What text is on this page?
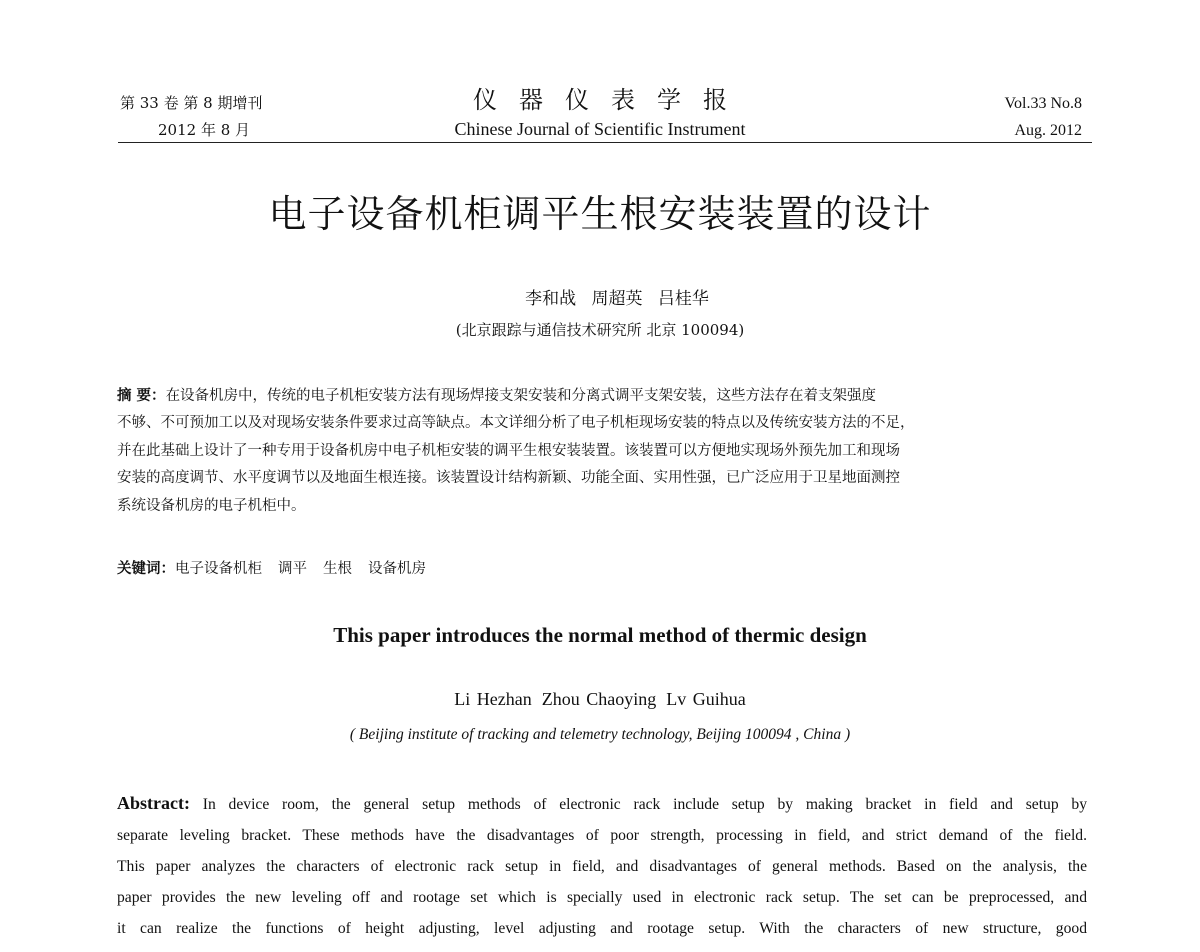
第 33 卷 第 8 期增刊
2012 年 8 月
仪器仪表学报
Chinese Journal of Scientific Instrument
Vol.33 No.8
Aug. 2012
电子设备机柜调平生根安装装置的设计
李和战 周超英 吕桂华
(北京跟踪与通信技术研究所 北京 100094)
摘 要：在设备机房中，传统的电子机柜安装方法有现场焊接支架安装和分离式调平支架安装，这些方法存在着支架强度
不够、不可预加工以及对现场安装条件要求过高等缺点。本文详细分析了电子机柜现场安装的特点以及传统安装方法的不足，
并在此基础上设计了一种专用于设备机房中电子机柜安装的调平生根安装装置。该装置可以方便地实现场外预先加工和现场
安装的高度调节、水平度调节以及地面生根连接。该装置设计结构新颖、功能全面、实用性强，已广泛应用于卫星地面测控
系统设备机房的电子机柜中。
关键词：电子设备机柜 调平 生根 设备机房
This paper introduces the normal method of thermic design
Li Hezhan Zhou Chaoying Lv Guihua
( Beijing institute of tracking and telemetry technology, Beijing 100094 , China )
Abstract: In device room, the general setup methods of electronic rack include setup by making bracket in field and setup by
separate leveling bracket. These methods have the disadvantages of poor strength, processing in field, and strict demand of the field.
This paper analyzes the characters of electronic rack setup in field, and disadvantages of general methods. Based on the analysis, the
paper provides the new leveling off and rootage set which is specially used in electronic rack setup. The set can be preprocessed, and
it can realize the functions of height adjusting, level adjusting and rootage setup. With the characters of new structure, good
